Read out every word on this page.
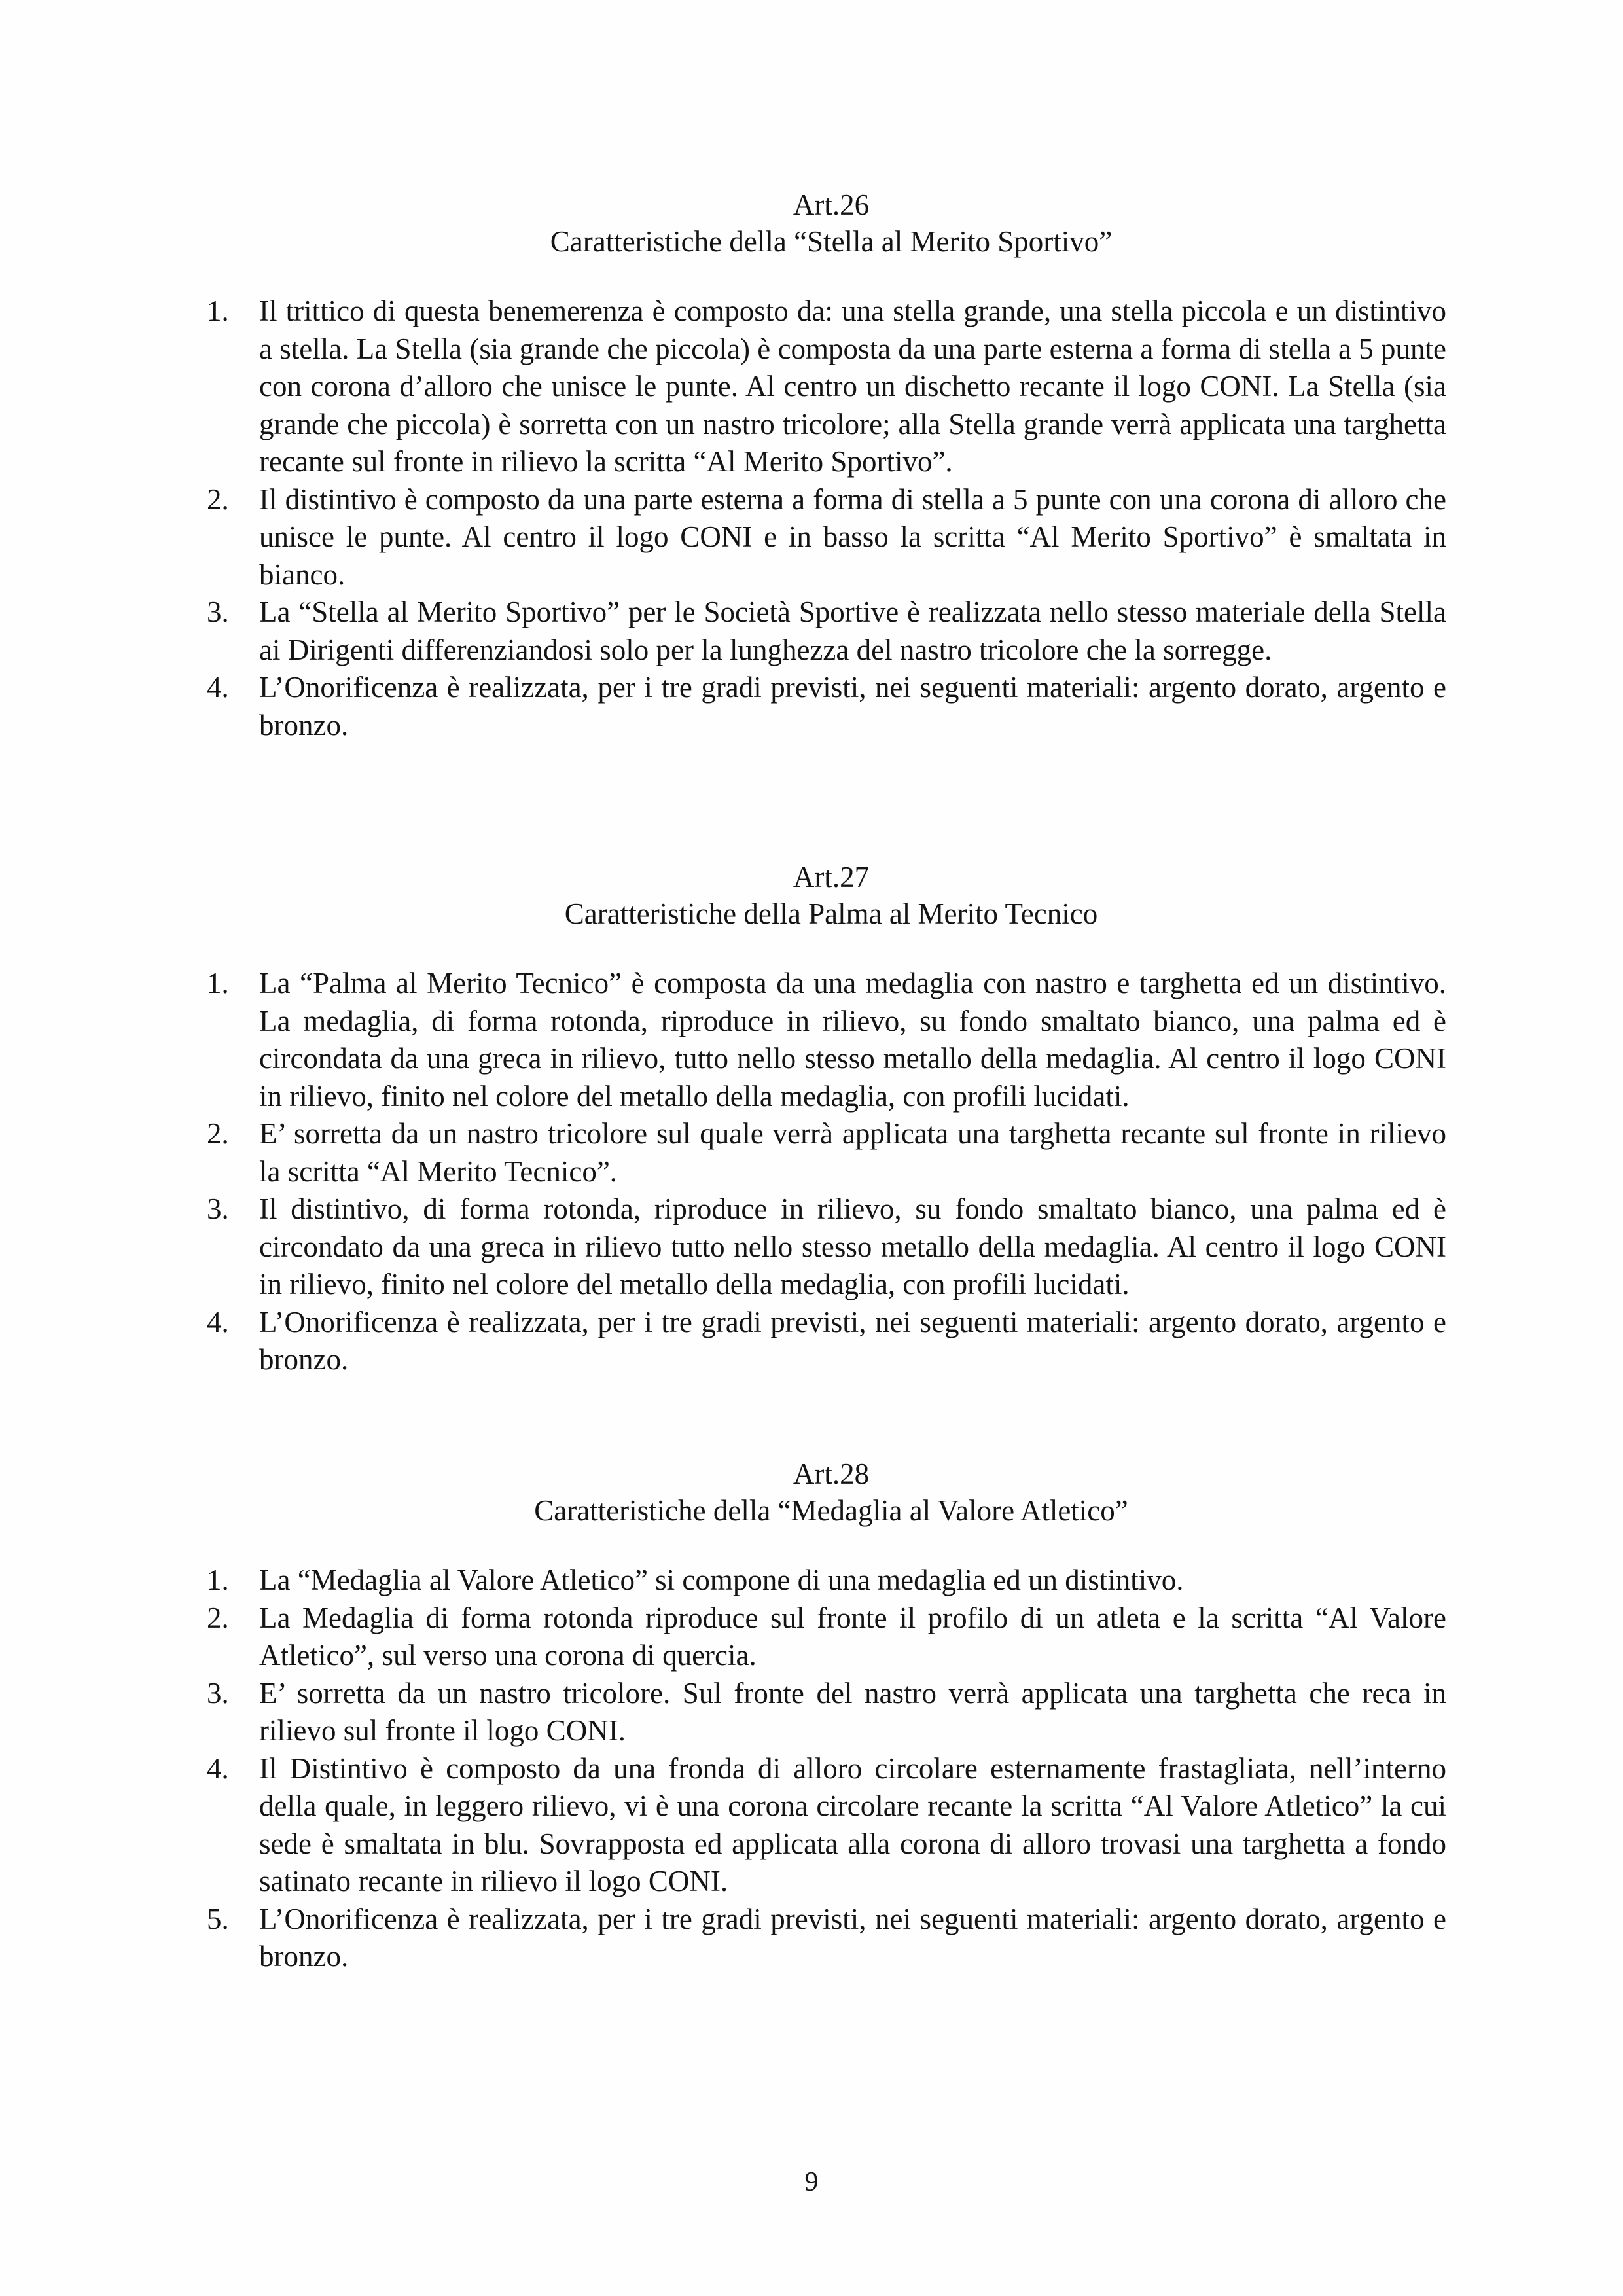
Art.26

Caratteristiche della “Stella al Merito Sportivo”

1.	Il trittico di questa benemerenza è composto da: una stella grande, una stella piccola e un distintivo a stella. La Stella (sia grande che piccola) è composta da una parte esterna a forma di stella a 5 punte con corona d’alloro che unisce le punte. Al centro un dischetto recante il logo CONI. La Stella (sia grande che piccola) è sorretta con un nastro tricolore; alla Stella grande verrà applicata una targhetta recante sul fronte in rilievo la scritta “Al Merito Sportivo”.
2.	Il distintivo è composto da una parte esterna a forma di stella a 5 punte con una corona di alloro che unisce le punte. Al centro il logo CONI e in basso la scritta “Al Merito Sportivo” è smaltata in bianco.
3.	La “Stella al Merito Sportivo” per le Società Sportive è realizzata nello stesso materiale della Stella ai Dirigenti differenziandosi solo per la lunghezza del nastro tricolore che la sorregge.
4.	L’Onorificenza è realizzata, per i tre gradi previsti, nei seguenti materiali: argento dorato, argento e bronzo.

Art.27

Caratteristiche della Palma al Merito Tecnico

1.	La “Palma al Merito Tecnico” è composta da una medaglia con nastro e targhetta ed un distintivo. La medaglia, di forma rotonda, riproduce in rilievo, su fondo smaltato bianco, una palma ed è circondata da una greca in rilievo, tutto nello stesso metallo della medaglia. Al centro il logo CONI in rilievo, finito nel colore del metallo della medaglia, con profili lucidati.
2.	E’ sorretta da un nastro tricolore sul quale verrà applicata una targhetta recante sul fronte in rilievo la scritta “Al Merito Tecnico”.
3.	Il distintivo, di forma rotonda, riproduce in rilievo, su fondo smaltato bianco, una palma ed è circondato da una greca in rilievo tutto nello stesso metallo della medaglia. Al centro il logo CONI in rilievo, finito nel colore del metallo della medaglia, con profili lucidati.
4.	L’Onorificenza è realizzata, per i tre gradi previsti, nei seguenti materiali: argento dorato, argento e bronzo.

Art.28

Caratteristiche della “Medaglia al Valore Atletico”

1.	La “Medaglia al Valore Atletico” si compone di una medaglia ed un distintivo.
2.	La Medaglia di forma rotonda riproduce sul fronte il profilo di un atleta e la scritta “Al Valore Atletico”, sul verso una corona di quercia.
3.	E’ sorretta da un nastro tricolore. Sul fronte del nastro verrà applicata una targhetta che reca in rilievo sul fronte il logo CONI.
4.	Il Distintivo è composto da una fronda di alloro circolare esternamente frastagliata, nell’interno della quale, in leggero rilievo, vi è una corona circolare recante la scritta “Al Valore Atletico” la cui sede è smaltata in blu. Sovrapposta ed applicata alla corona di alloro trovasi una targhetta a fondo satinato recante in rilievo il logo CONI.
5.	L’Onorificenza è realizzata, per i tre gradi previsti, nei seguenti materiali: argento dorato, argento e bronzo.
9
